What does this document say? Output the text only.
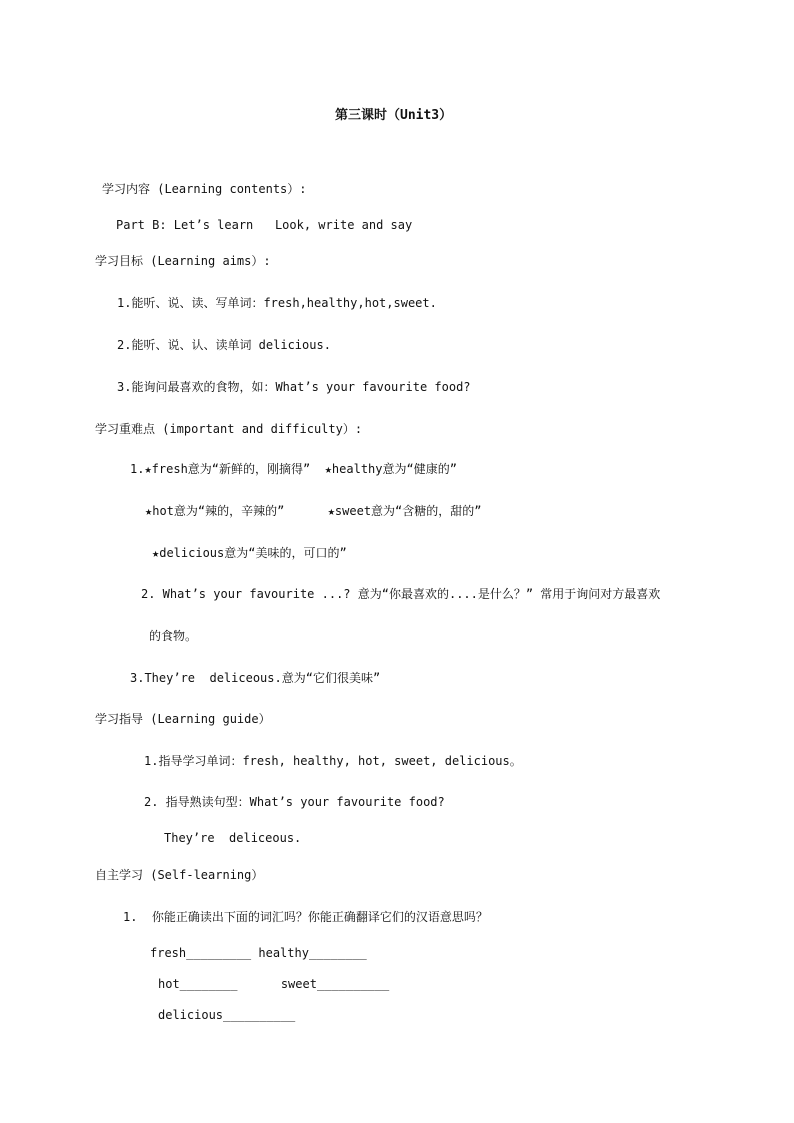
第三课时（Unit3）
学习内容 (Learning contents）:
Part B: Let’s learn   Look, write and say
学习目标 (Learning aims）:
1.能听、说、读、写单词：fresh,healthy,hot,sweet.
2.能听、说、认、读单词 delicious.
3.能询问最喜欢的食物，如：What’s your favourite food?
学习重难点 (important and difficulty）:
1.★fresh意为“新鲜的，刚摘得”  ★healthy意为“健康的”
★hot意为“辣的，辛辣的”      ★sweet意为“含糖的，甜的”
★delicious意为“美味的，可口的”
2. What’s your favourite ...? 意为“你最喜欢的....是什么？” 常用于询问对方最喜欢
的食物。
3.They’re  deliceous.意为“它们很美味”
学习指导 (Learning guide）
1.指导学习单词：fresh, healthy, hot, sweet, delicious。
2. 指导熟读句型：What’s your favourite food?
They’re  deliceous.
自主学习 (Self-learning）
1.  你能正确读出下面的词汇吗？你能正确翻译它们的汉语意思吗？
fresh_________ healthy________
hot________      sweet__________
delicious__________
